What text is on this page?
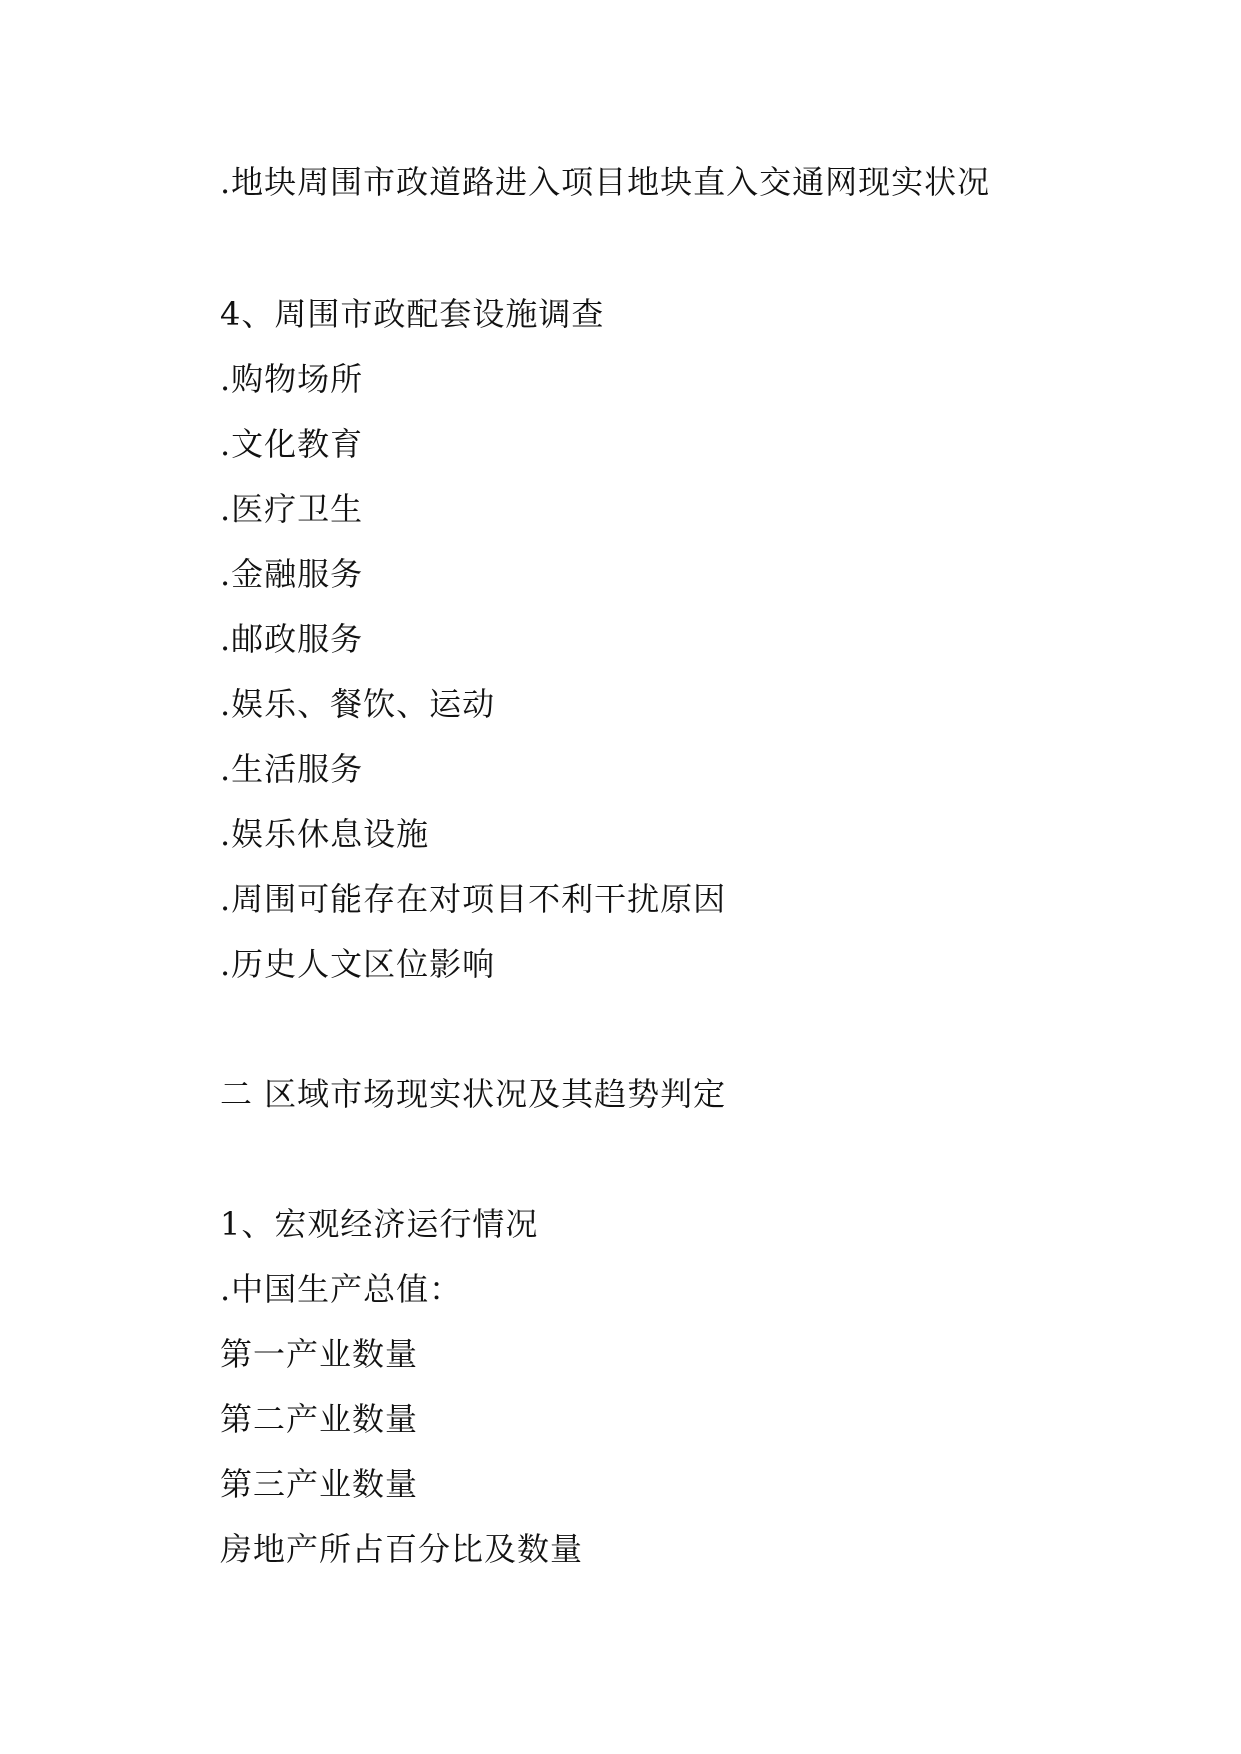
.地块周围市政道路进入项目地块直入交通网现实状况
4、周围市政配套设施调查
.购物场所
.文化教育
.医疗卫生
.金融服务
.邮政服务
.娱乐、餐饮、运动
.生活服务
.娱乐休息设施
.周围可能存在对项目不利干扰原因
.历史人文区位影响
二 区域市场现实状况及其趋势判定
1、宏观经济运行情况
.中国生产总值：
第一产业数量
第二产业数量
第三产业数量
房地产所占百分比及数量
